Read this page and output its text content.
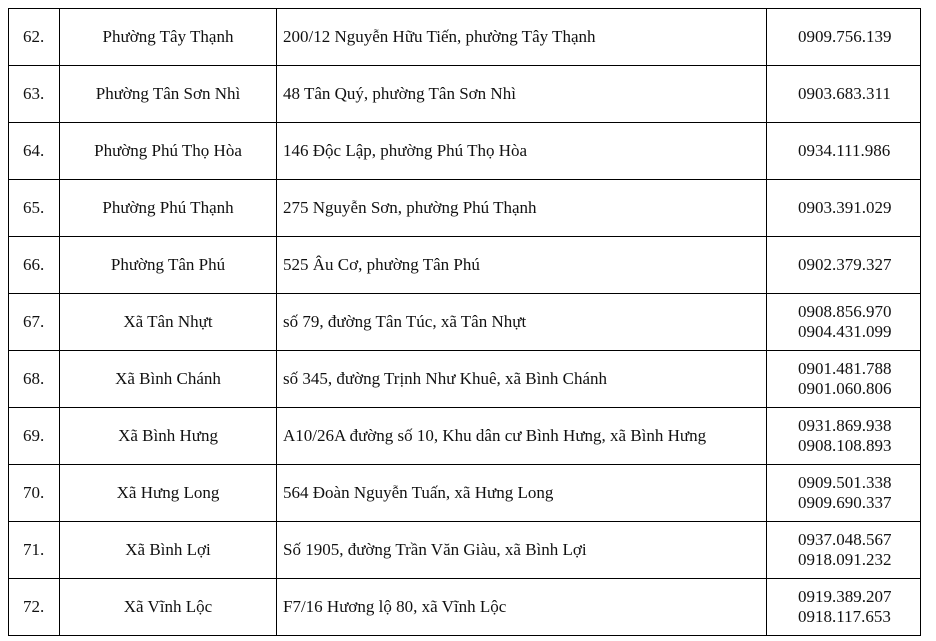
62.	Phường Tây Thạnh	200/12 Nguyễn Hữu Tiến, phường Tây Thạnh	0909.756.139

63.	Phường Tân Sơn Nhì	48 Tân Quý, phường Tân Sơn Nhì	0903.683.311

64.	Phường Phú Thọ Hòa	146 Độc Lập, phường Phú Thọ Hòa	0934.111.986

65.	Phường Phú Thạnh	275 Nguyễn Sơn, phường Phú Thạnh	0903.391.029

66.	Phường Tân Phú	525 Âu Cơ, phường Tân Phú	0902.379.327

67.	Xã Tân Nhựt	số 79, đường Tân Túc, xã Tân Nhựt	0908.856.970
0904.431.099

68.	Xã Bình Chánh	số 345, đường Trịnh Như Khuê, xã Bình Chánh	0901.481.788
0901.060.806

69.	Xã Bình Hưng	A10/26A đường số 10, Khu dân cư Bình Hưng, xã Bình Hưng	0931.869.938
0908.108.893

70.	Xã Hưng Long	564 Đoàn Nguyễn Tuấn, xã Hưng Long	0909.501.338
0909.690.337

71.	Xã Bình Lợi	Số 1905, đường Trần Văn Giàu, xã Bình Lợi	0937.048.567
0918.091.232

72.	Xã Vĩnh Lộc	F7/16 Hương lộ 80, xã Vĩnh Lộc	0919.389.207
0918.117.653
